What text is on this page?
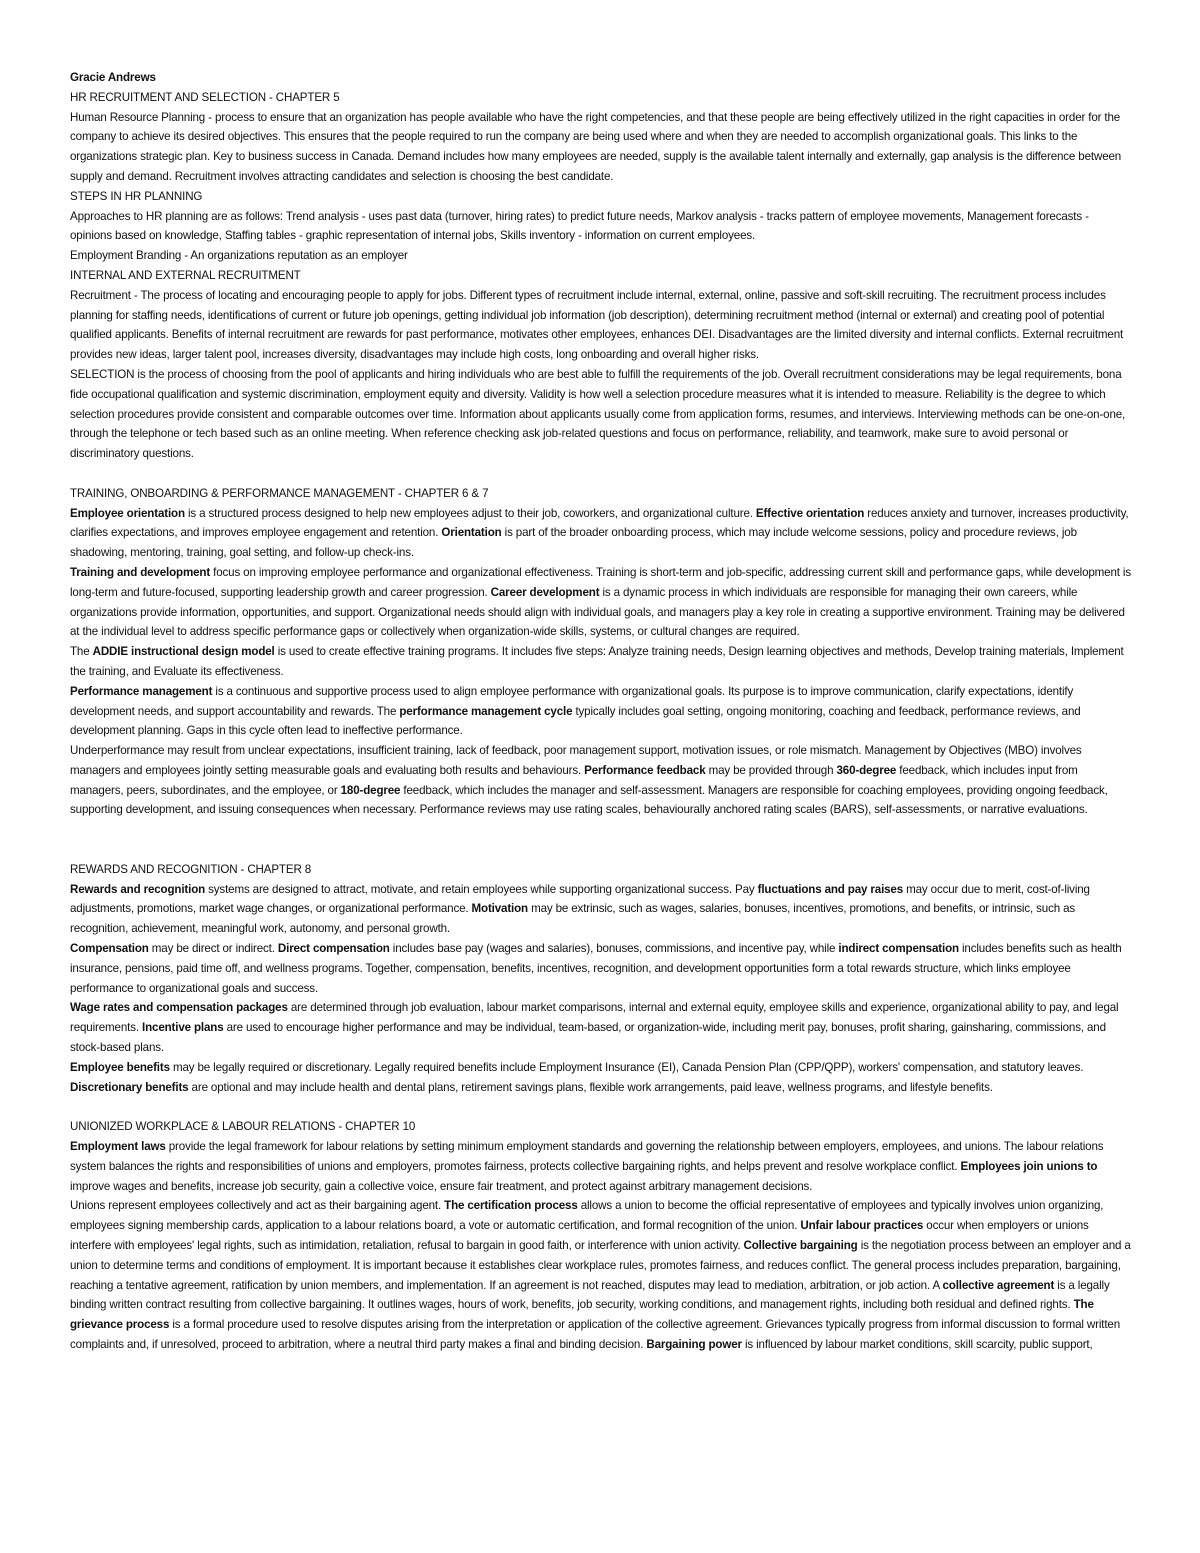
Gracie Andrews

HR RECRUITMENT AND SELECTION - CHAPTER 5

Human Resource Planning - process to ensure that an organization has people available who have the right competencies, and that these people are being effectively utilized in the right capacities in order for the company to achieve its desired objectives. This ensures that the people required to run the company are being used where and when they are needed to accomplish organizational goals. This links to the organizations strategic plan. Key to business success in Canada. Demand includes how many employees are needed, supply is the available talent internally and externally, gap analysis is the difference between supply and demand. Recruitment involves attracting candidates and selection is choosing the best candidate.

STEPS IN HR PLANNING

Approaches to HR planning are as follows: Trend analysis - uses past data (turnover, hiring rates) to predict future needs, Markov analysis - tracks pattern of employee movements, Management forecasts - opinions based on knowledge, Staffing tables - graphic representation of internal jobs, Skills inventory - information on current employees.

Employment Branding - An organizations reputation as an employer

INTERNAL AND EXTERNAL RECRUITMENT

Recruitment - The process of locating and encouraging people to apply for jobs. Different types of recruitment include internal, external, online, passive and soft-skill recruiting. The recruitment process includes planning for staffing needs, identifications of current or future job openings, getting individual job information (job description), determining recruitment method (internal or external) and creating pool of potential qualified applicants. Benefits of internal recruitment are rewards for past performance, motivates other employees, enhances DEI. Disadvantages are the limited diversity and internal conflicts. External recruitment provides new ideas, larger talent pool, increases diversity, disadvantages may include high costs, long onboarding and overall higher risks.

SELECTION is the process of choosing from the pool of applicants and hiring individuals who are best able to fulfill the requirements of the job. Overall recruitment considerations may be legal requirements, bona fide occupational qualification and systemic discrimination, employment equity and diversity. Validity is how well a selection procedure measures what it is intended to measure. Reliability is the degree to which selection procedures provide consistent and comparable outcomes over time. Information about applicants usually come from application forms, resumes, and interviews. Interviewing methods can be one-on-one, through the telephone or tech based such as an online meeting. When reference checking ask job-related questions and focus on performance, reliability, and teamwork, make sure to avoid personal or discriminatory questions.

TRAINING, ONBOARDING & PERFORMANCE MANAGEMENT - CHAPTER 6 & 7

Employee orientation is a structured process designed to help new employees adjust to their job, coworkers, and organizational culture. Effective orientation reduces anxiety and turnover, increases productivity, clarifies expectations, and improves employee engagement and retention. Orientation is part of the broader onboarding process, which may include welcome sessions, policy and procedure reviews, job shadowing, mentoring, training, goal setting, and follow-up check-ins.

Training and development focus on improving employee performance and organizational effectiveness. Training is short-term and job-specific, addressing current skill and performance gaps, while development is long-term and future-focused, supporting leadership growth and career progression. Career development is a dynamic process in which individuals are responsible for managing their own careers, while organizations provide information, opportunities, and support. Organizational needs should align with individual goals, and managers play a key role in creating a supportive environment. Training may be delivered at the individual level to address specific performance gaps or collectively when organization-wide skills, systems, or cultural changes are required.

The ADDIE instructional design model is used to create effective training programs. It includes five steps: Analyze training needs, Design learning objectives and methods, Develop training materials, Implement the training, and Evaluate its effectiveness.

Performance management is a continuous and supportive process used to align employee performance with organizational goals. Its purpose is to improve communication, clarify expectations, identify development needs, and support accountability and rewards. The performance management cycle typically includes goal setting, ongoing monitoring, coaching and feedback, performance reviews, and development planning. Gaps in this cycle often lead to ineffective performance.

Underperformance may result from unclear expectations, insufficient training, lack of feedback, poor management support, motivation issues, or role mismatch. Management by Objectives (MBO) involves managers and employees jointly setting measurable goals and evaluating both results and behaviours. Performance feedback may be provided through 360-degree feedback, which includes input from managers, peers, subordinates, and the employee, or 180-degree feedback, which includes the manager and self-assessment. Managers are responsible for coaching employees, providing ongoing feedback, supporting development, and issuing consequences when necessary. Performance reviews may use rating scales, behaviourally anchored rating scales (BARS), self-assessments, or narrative evaluations.

REWARDS AND RECOGNITION - CHAPTER 8

Rewards and recognition systems are designed to attract, motivate, and retain employees while supporting organizational success. Pay fluctuations and pay raises may occur due to merit, cost-of-living adjustments, promotions, market wage changes, or organizational performance. Motivation may be extrinsic, such as wages, salaries, bonuses, incentives, promotions, and benefits, or intrinsic, such as recognition, achievement, meaningful work, autonomy, and personal growth.

Compensation may be direct or indirect. Direct compensation includes base pay (wages and salaries), bonuses, commissions, and incentive pay, while indirect compensation includes benefits such as health insurance, pensions, paid time off, and wellness programs. Together, compensation, benefits, incentives, recognition, and development opportunities form a total rewards structure, which links employee performance to organizational goals and success.

Wage rates and compensation packages are determined through job evaluation, labour market comparisons, internal and external equity, employee skills and experience, organizational ability to pay, and legal requirements. Incentive plans are used to encourage higher performance and may be individual, team-based, or organization-wide, including merit pay, bonuses, profit sharing, gainsharing, commissions, and stock-based plans.

Employee benefits may be legally required or discretionary. Legally required benefits include Employment Insurance (EI), Canada Pension Plan (CPP/QPP), workers' compensation, and statutory leaves. Discretionary benefits are optional and may include health and dental plans, retirement savings plans, flexible work arrangements, paid leave, wellness programs, and lifestyle benefits.

UNIONIZED WORKPLACE & LABOUR RELATIONS - CHAPTER 10

Employment laws provide the legal framework for labour relations by setting minimum employment standards and governing the relationship between employers, employees, and unions. The labour relations system balances the rights and responsibilities of unions and employers, promotes fairness, protects collective bargaining rights, and helps prevent and resolve workplace conflict. Employees join unions to improve wages and benefits, increase job security, gain a collective voice, ensure fair treatment, and protect against arbitrary management decisions.

Unions represent employees collectively and act as their bargaining agent. The certification process allows a union to become the official representative of employees and typically involves union organizing, employees signing membership cards, application to a labour relations board, a vote or automatic certification, and formal recognition of the union. Unfair labour practices occur when employers or unions interfere with employees' legal rights, such as intimidation, retaliation, refusal to bargain in good faith, or interference with union activity. Collective bargaining is the negotiation process between an employer and a union to determine terms and conditions of employment. It is important because it establishes clear workplace rules, promotes fairness, and reduces conflict. The general process includes preparation, bargaining, reaching a tentative agreement, ratification by union members, and implementation. If an agreement is not reached, disputes may lead to mediation, arbitration, or job action. A collective agreement is a legally binding written contract resulting from collective bargaining. It outlines wages, hours of work, benefits, job security, working conditions, and management rights, including both residual and defined rights. The grievance process is a formal procedure used to resolve disputes arising from the interpretation or application of the collective agreement. Grievances typically progress from informal discussion to formal written complaints and, if unresolved, proceed to arbitration, where a neutral third party makes a final and binding decision. Bargaining power is influenced by labour market conditions, skill scarcity, public support,
